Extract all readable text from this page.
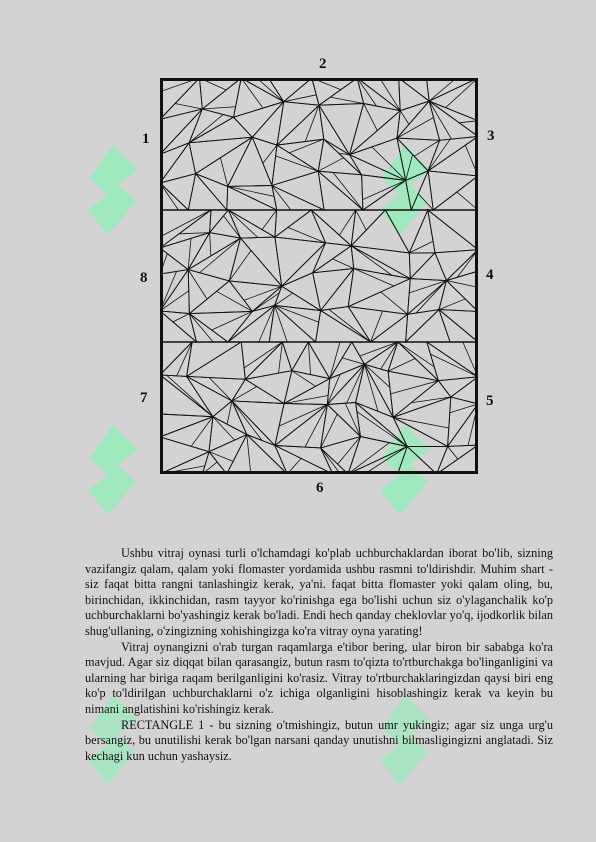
2
1	3
8	4
7	5
6

Ushbu vitraj oynasi turli o'lchamdagi ko'plab uchburchaklardan iborat bo'lib, sizning vazifangiz qalam, qalam yoki flomaster yordamida ushbu rasmni to'ldirishdir. Muhim shart - siz faqat bitta rangni tanlashingiz kerak, ya'ni. faqat bitta flomaster yoki qalam oling, bu, birinchidan, ikkinchidan, rasm tayyor ko'rinishga ega bo'lishi uchun siz o'ylaganchalik ko'p uchburchaklarni bo'yashingiz kerak bo'ladi. Endi hech qanday cheklovlar yo'q, ijodkorlik bilan shug'ullaning, o'zingizning xohishingizga ko'ra vitray oyna yarating!

Vitraj oynangizni o'rab turgan raqamlarga e'tibor bering, ular biron bir sababga ko'ra mavjud. Agar siz diqqat bilan qarasangiz, butun rasm to'qizta to'rtburchakga bo'linganligini va ularning har biriga raqam berilganligini ko'rasiz. Vitray to'rtburchaklaringizdan qaysi biri eng ko'p to'ldirilgan uchburchaklarni o'z ichiga olganligini hisoblashingiz kerak va keyin bu nimani anglatishini ko'rishingiz kerak.

RECTANGLE 1 - bu sizning o'tmishingiz, butun umr yukingiz; agar siz unga urg'u bersangiz, bu unutilishi kerak bo'lgan narsani qanday unutishni bilmasligingizni anglatadi. Siz kechagi kun uchun yashaysiz.
